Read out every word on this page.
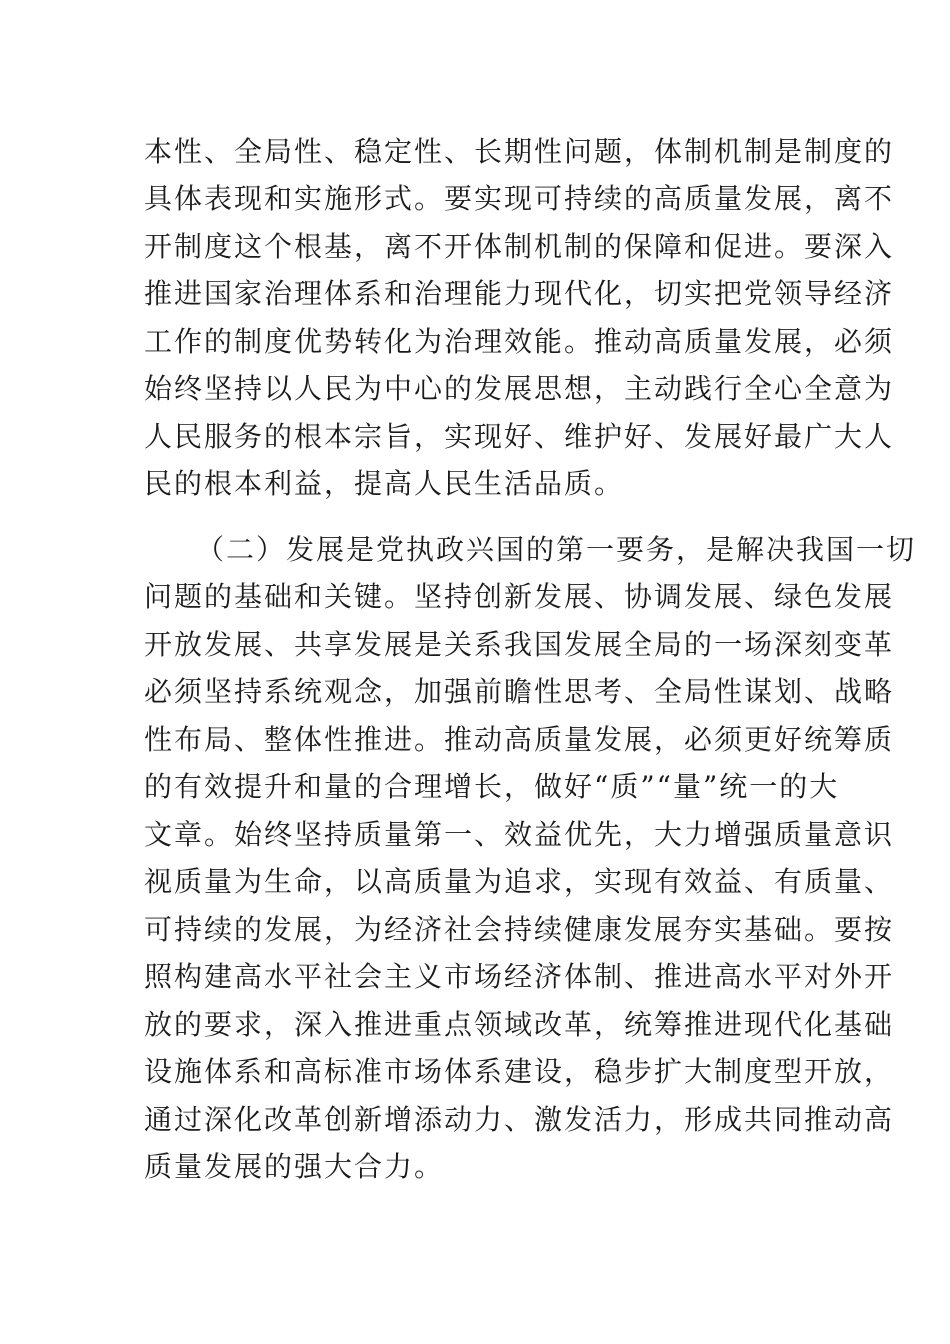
本性、全局性、稳定性、长期性问题，体制机制是制度的
具体表现和实施形式。要实现可持续的高质量发展，离不
开制度这个根基，离不开体制机制的保障和促进。要深入
推进国家治理体系和治理能力现代化，切实把党领导经济
工作的制度优势转化为治理效能。推动高质量发展，必须
始终坚持以人民为中心的发展思想，主动践行全心全意为
人民服务的根本宗旨，实现好、维护好、发展好最广大人
民的根本利益，提高人民生活品质。
（二）发展是党执政兴国的第一要务，是解决我国一切
问题的基础和关键。坚持创新发展、协调发展、绿色发展
开放发展、共享发展是关系我国发展全局的一场深刻变革
必须坚持系统观念，加强前瞻性思考、全局性谋划、战略
性布局、整体性推进。推动高质量发展，必须更好统筹质
的有效提升和量的合理增长，做好“质”“量”统一的大
文章。始终坚持质量第一、效益优先，大力增强质量意识
视质量为生命，以高质量为追求，实现有效益、有质量、
可持续的发展，为经济社会持续健康发展夯实基础。要按
照构建高水平社会主义市场经济体制、推进高水平对外开
放的要求，深入推进重点领域改革，统筹推进现代化基础
设施体系和高标准市场体系建设，稳步扩大制度型开放，
通过深化改革创新增添动力、激发活力，形成共同推动高
质量发展的强大合力。
